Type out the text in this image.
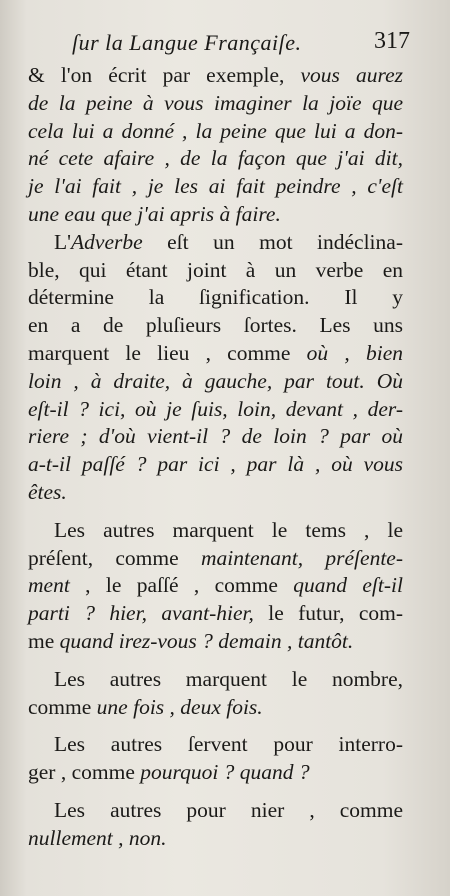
ſur la Langue Françaiſe.	317
& l'on écrit par exemple, vous aurez
de la peine à vous imaginer la joïe que
cela lui a donné , la peine que lui a don-
né cete afaire , de la façon que j'ai dit,
je l'ai fait , je les ai fait peindre , c'eſt
une eau que j'ai apris à faire.
L'Adverbe eſt un mot indéclina-
ble, qui étant joint à un verbe en
détermine la ſignification. Il y
en a de pluſieurs ſortes. Les uns
marquent le lieu , comme où , bien
loin , à draite, à gauche, par tout. Où
eſt-il ? ici, où je ſuis, loin, devant , der-
riere ; d'où vient-il ? de loin ? par où
a-t-il paſſé ? par ici , par là , où vous
êtes.
Les autres marquent le tems , le
préſent, comme maintenant, préſente-
ment , le paſſé , comme quand eſt-il
parti ? hier, avant-hier, le futur, com-
me quand irez-vous ? demain , tantôt.
Les autres marquent le nombre,
comme une fois , deux fois.
Les autres ſervent pour interro-
ger , comme pourquoi ? quand ?
Les autres pour nier , comme
nullement , non.
